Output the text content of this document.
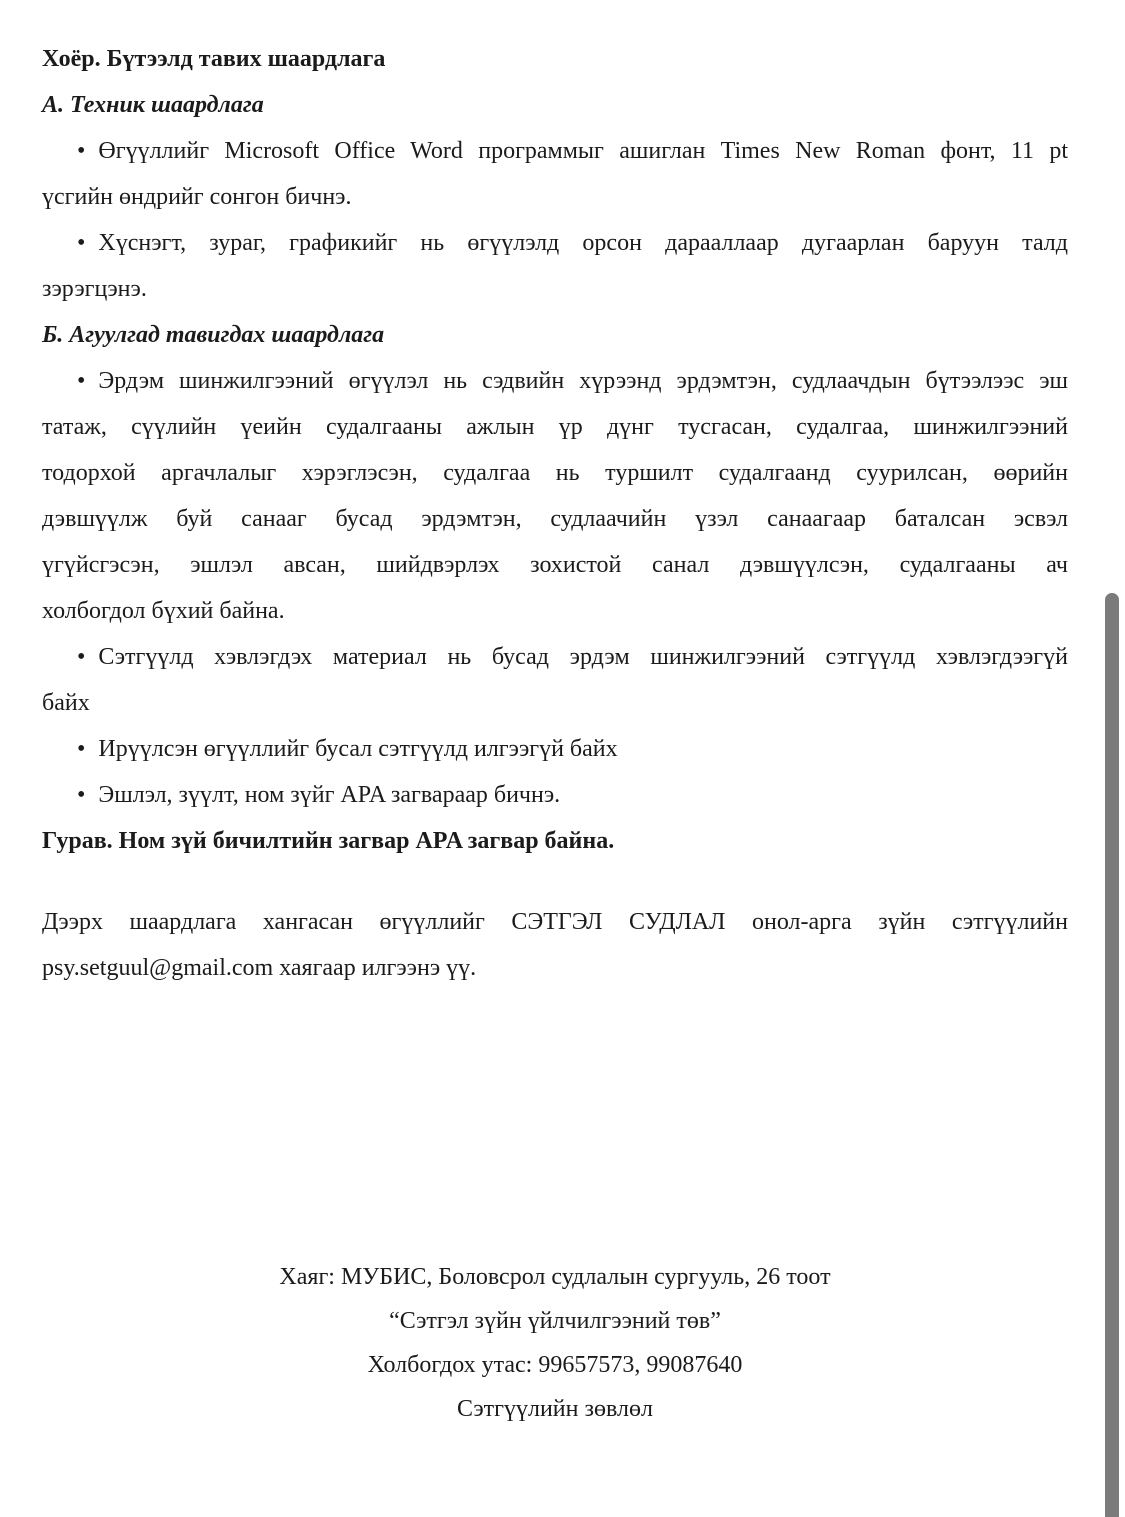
Хоёр. Бүтээлд тавих шаардлага
А. Техник шаардлага
• Өгүүллийг Microsoft Office Word программыг ашиглан Times New Roman фонт, 11 pt
үсгийн өндрийг сонгон бичнэ.
• Хүснэгт, зураг, графикийг нь өгүүлэлд орсон дарааллаар дугаарлан баруун талд
зэрэгцэнэ.
Б. Агуулгад тавигдах шаардлага
• Эрдэм шинжилгээний өгүүлэл нь сэдвийн хүрээнд эрдэмтэн, судлаачдын бүтээлээс эш
татаж, сүүлийн үеийн судалгааны ажлын үр дүнг тусгасан, судалгаа, шинжилгээний
тодорхой аргачлалыг хэрэглэсэн, судалгаа нь туршилт судалгаанд суурилсан, өөрийн
дэвшүүлж буй санааг бусад эрдэмтэн, судлаачийн үзэл санаагаар баталсан эсвэл
үгүйсгэсэн, эшлэл авсан, шийдвэрлэх зохистой санал дэвшүүлсэн, судалгааны ач
холбогдол бүхий байна.
• Сэтгүүлд хэвлэгдэх материал нь бусад эрдэм шинжилгээний сэтгүүлд хэвлэгдээгүй
байх
• Ирүүлсэн өгүүллийг бусал сэтгүүлд илгээгүй байх
• Эшлэл, зүүлт, ном зүйг APA загвараар бичнэ.
Гурав. Ном зүй бичилтийн загвар APA загвар байна.
Дээрх шаардлага хангасан өгүүллийг СЭТГЭЛ СУДЛАЛ онол-арга зүйн сэтгүүлийн
psy.setguul@gmail.com хаягаар илгээнэ үү.
Хаяг: МУБИС, Боловсрол судлалын сургууль, 26 тоот
“Сэтгэл зүйн үйлчилгээний төв”
Холбогдох утас: 99657573, 99087640
Сэтгүүлийн зөвлөл
